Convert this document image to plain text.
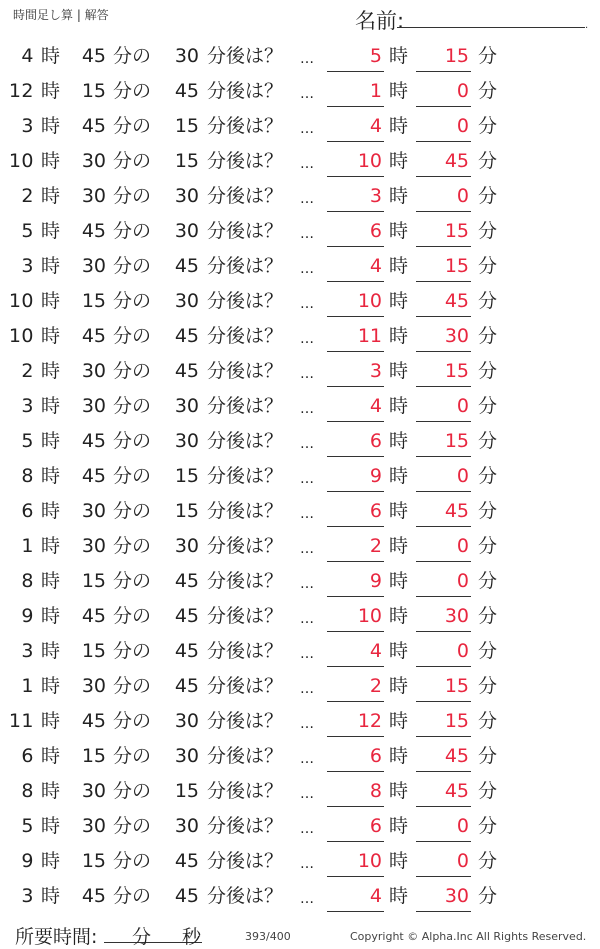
時間足し算 | 解答	名前:	.
4 時 45 分の	30 分後は？ …	5 時	15 分
12 時 15 分の	45 分後は？ …	1 時	0 分
3 時 45 分の	15 分後は？ …	4 時	0 分
10 時 30 分の	15 分後は？ …	10 時	45 分
2 時 30 分の	30 分後は？ …	3 時	0 分
5 時 45 分の	30 分後は？ …	6 時	15 分
3 時 30 分の	45 分後は？ …	4 時	15 分
10 時 15 分の	30 分後は？ …	10 時	45 分
10 時 45 分の	45 分後は？ …	11 時	30 分
2 時 30 分の	45 分後は？ …	3 時	15 分
3 時 30 分の	30 分後は？ …	4 時	0 分
5 時 45 分の	30 分後は？ …	6 時	15 分
8 時 45 分の	15 分後は？ …	9 時	0 分
6 時 30 分の	15 分後は？ …	6 時	45 分
1 時 30 分の	30 分後は？ …	2 時	0 分
8 時 15 分の	45 分後は？ …	9 時	0 分
9 時 45 分の	45 分後は？ …	10 時	30 分
3 時 15 分の	45 分後は？ …	4 時	0 分
1 時 30 分の	45 分後は？ …	2 時	15 分
11 時 45 分の	30 分後は？ …	12 時	15 分
6 時 15 分の	30 分後は？ …	6 時	45 分
8 時 30 分の	15 分後は？ …	8 時	45 分
5 時 30 分の	30 分後は？ …	6 時	0 分
9 時 15 分の	45 分後は？ …	10 時	0 分
3 時 45 分の	45 分後は？ …	4 時	30 分
所要時間: 分 秒	393/400	Copyright © Alpha.Inc All Rights Reserved.
